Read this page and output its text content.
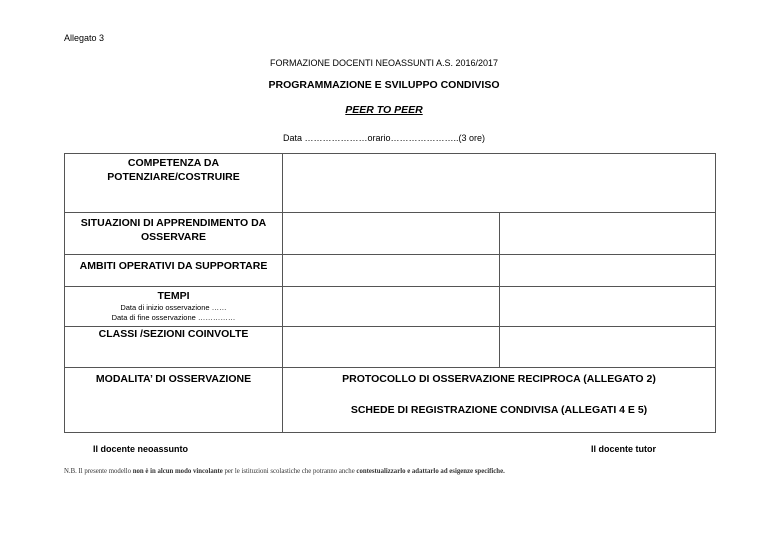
Allegato 3
FORMAZIONE DOCENTI NEOASSUNTI A.S. 2016/2017
PROGRAMMAZIONE E SVILUPPO CONDIVISO
PEER TO PEER
Data …………………orario…………………..(3 ore)
COMPETENZA DA
POTENZIARE/COSTRUIRE		

SITUAZIONI DI APPRENDIMENTO DA
OSSERVARE		

AMBITI OPERATIVI DA SUPPORTARE		

TEMPI
Data di inizio osservazione ……
Data di fine osservazione ……………		

CLASSI /SEZIONI COINVOLTE		

MODALITA’ DI OSSERVAZIONE	PROTOCOLLO DI OSSERVAZIONE RECIPROCA (ALLEGATO 2)
SCHEDE DI REGISTRAZIONE CONDIVISA (ALLEGATI 4 E 5)	
Il docente neoassunto	Il docente tutor
N.B. Il presente modello non è in alcun modo vincolante per le istituzioni scolastiche che potranno anche contestualizzarlo e adattarlo ad esigenze specifiche.
